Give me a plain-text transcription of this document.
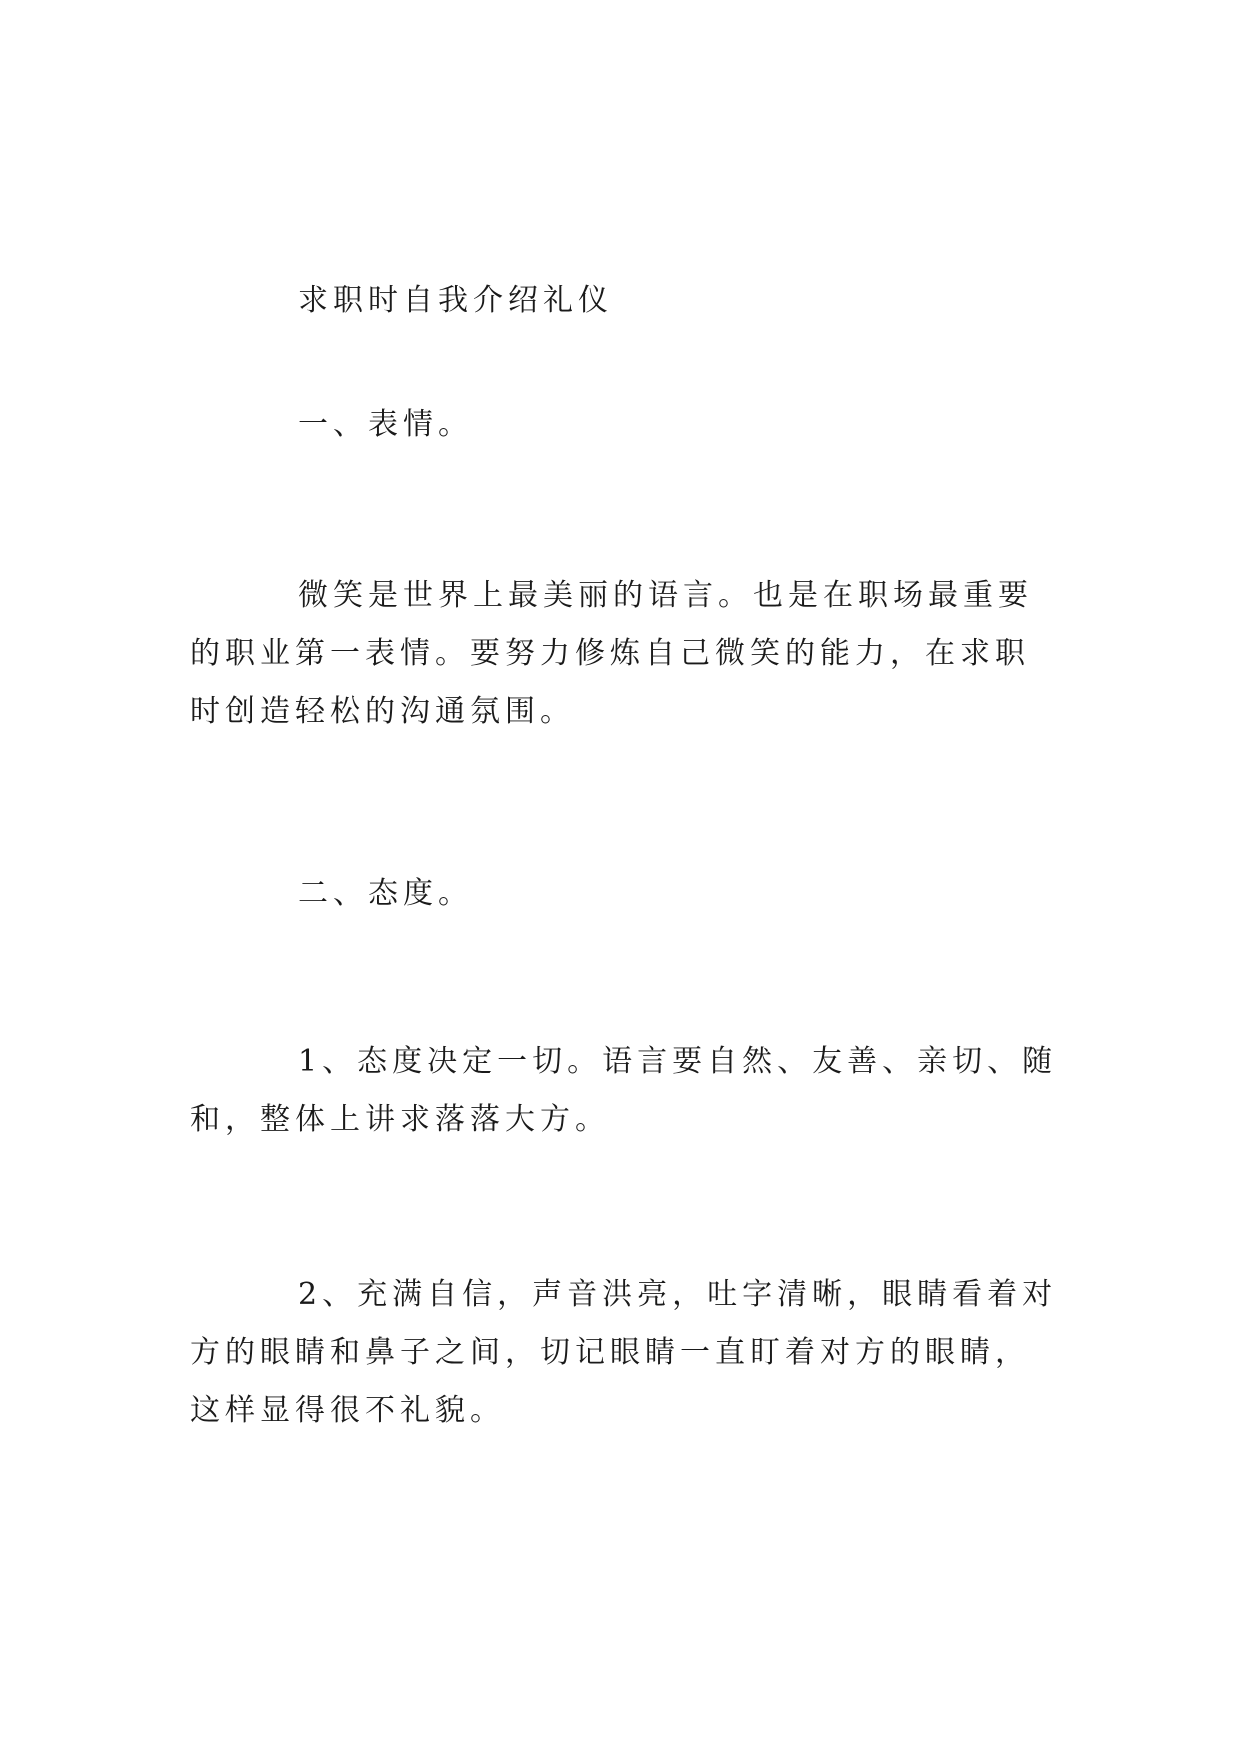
求职时自我介绍礼仪

一、表情。

微笑是世界上最美丽的语言。也是在职场最重要的职业第一表情。要努力修炼自己微笑的能力，在求职时创造轻松的沟通氛围。

二、态度。

1、态度决定一切。语言要自然、友善、亲切、随和，整体上讲求落落大方。

2、充满自信，声音洪亮，吐字清晰，眼睛看着对方的眼睛和鼻子之间，切记眼睛一直盯着对方的眼睛，这样显得很不礼貌。
